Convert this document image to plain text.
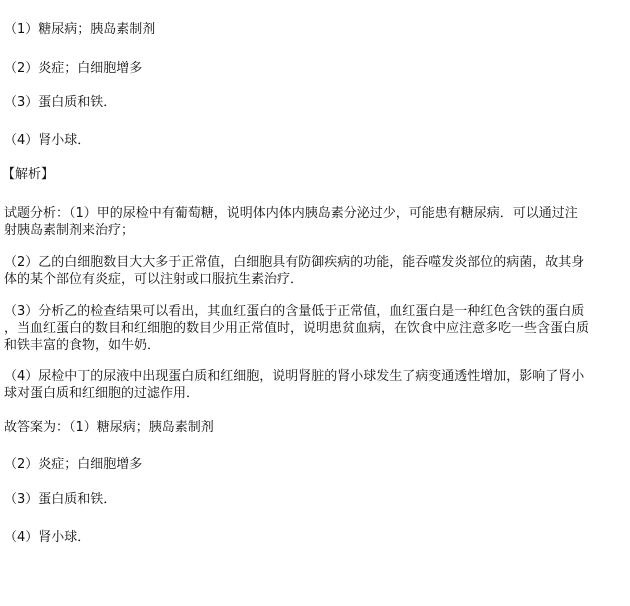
（1）糖尿病；胰岛素制剂
（2）炎症；白细胞增多
（3）蛋白质和铁．
（4）肾小球．
【解析】
试题分析：（1）甲的尿检中有葡萄糖，说明体内体内胰岛素分泌过少，可能患有糖尿病．可以通过注
射胰岛素制剂来治疗；
（2）乙的白细胞数目大大多于正常值，白细胞具有防御疾病的功能，能吞噬发炎部位的病菌，故其身
体的某个部位有炎症，可以注射或口服抗生素治疗．
（3）分析乙的检查结果可以看出，其血红蛋白的含量低于正常值，血红蛋白是一种红色含铁的蛋白质
，当血红蛋白的数目和红细胞的数目少用正常值时，说明患贫血病，在饮食中应注意多吃一些含蛋白质
和铁丰富的食物，如牛奶．
（4）尿检中丁的尿液中出现蛋白质和红细胞，说明肾脏的肾小球发生了病变通透性增加，影响了肾小
球对蛋白质和红细胞的过滤作用．
故答案为：（1）糖尿病；胰岛素制剂
（2）炎症；白细胞增多
（3）蛋白质和铁．
（4）肾小球．
